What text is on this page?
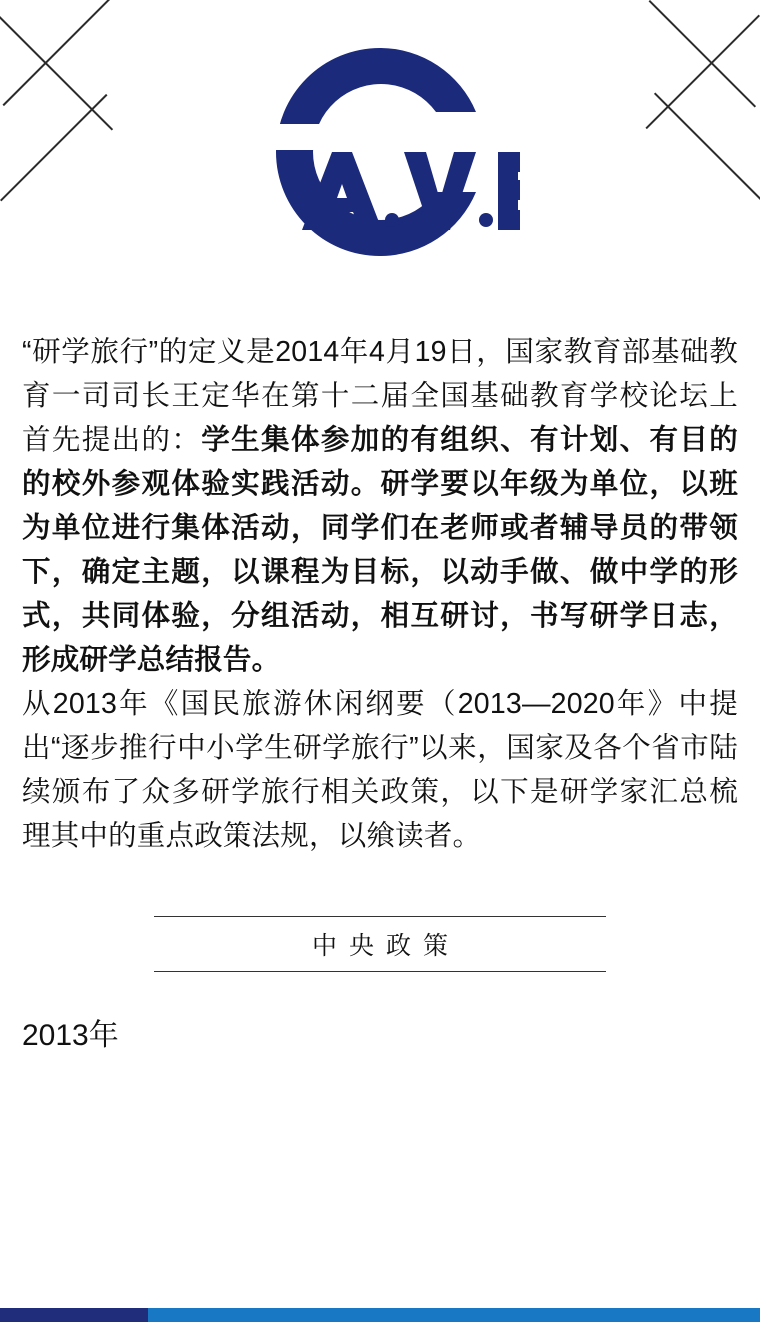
“研学旅行”的定义是2014年4月19日，国家教育部基础教育一司司长王定华在第十二届全国基础教育学校论坛上首先提出的：学生集体参加的有组织、有计划、有目的的校外参观体验实践活动。研学要以年级为单位，以班为单位进行集体活动，同学们在老师或者辅导员的带领下，确定主题，以课程为目标，以动手做、做中学的形式，共同体验，分组活动，相互研讨，书写研学日志，形成研学总结报告。

从2013年《国民旅游休闲纲要（2013—2020年》中提出“逐步推行中小学生研学旅行”以来，国家及各个省市陆续颁布了众多研学旅行相关政策，以下是研学家汇总梳理其中的重点政策法规，以飨读者。

中央政策
2013年
